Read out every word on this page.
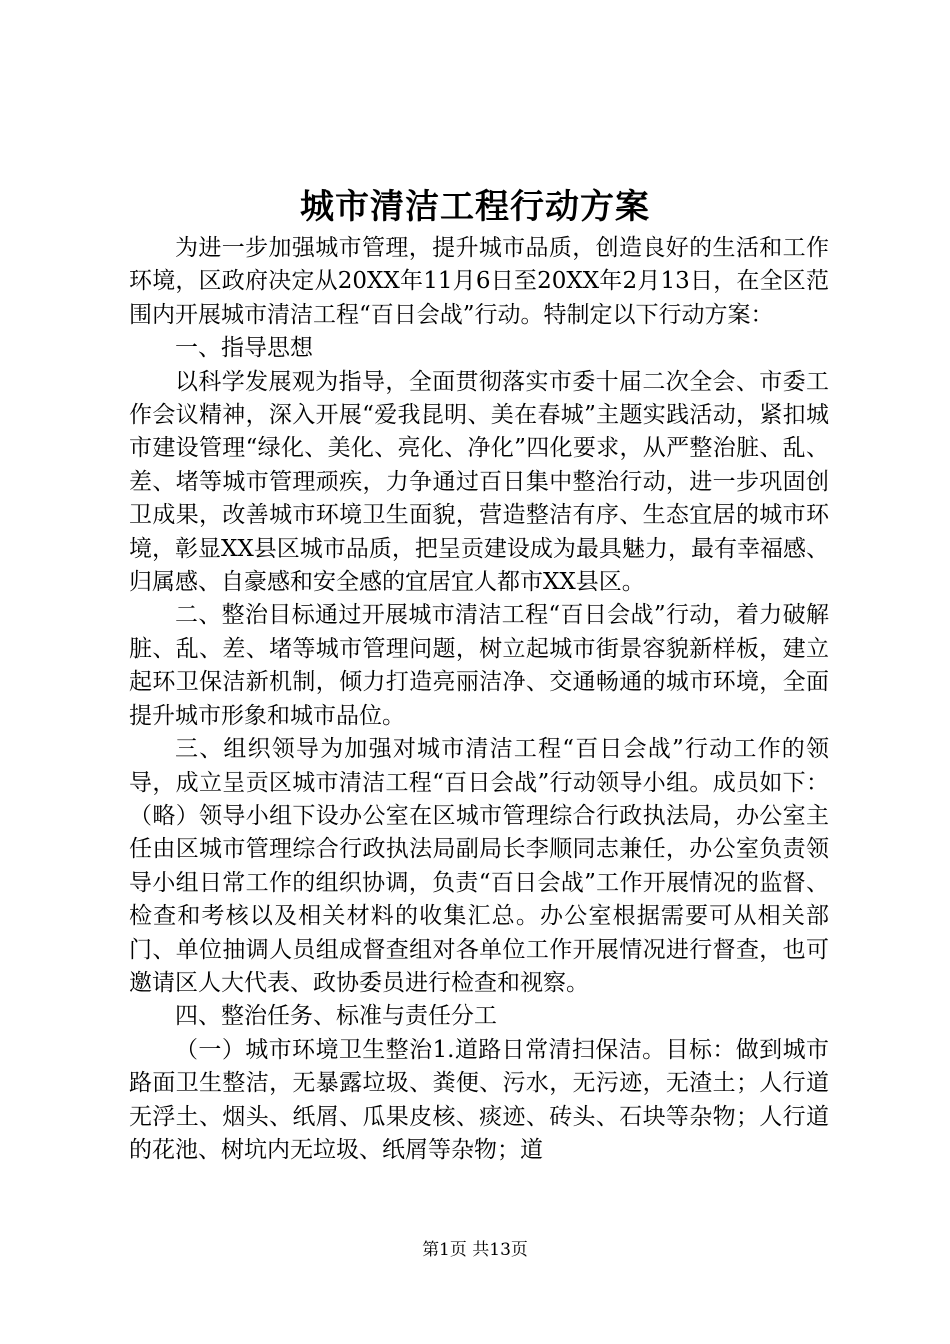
城市清洁工程行动方案

为进一步加强城市管理，提升城市品质，创造良好的生活和工作环境，区政府决定从20XX年11月6日至20XX年2月13日，在全区范围内开展城市清洁工程“百日会战”行动。特制定以下行动方案：

一、指导思想

以科学发展观为指导，全面贯彻落实市委十届二次全会、市委工作会议精神，深入开展“爱我昆明、美在春城”主题实践活动，紧扣城市建设管理“绿化、美化、亮化、净化”四化要求，从严整治脏、乱、差、堵等城市管理顽疾，力争通过百日集中整治行动，进一步巩固创卫成果，改善城市环境卫生面貌，营造整洁有序、生态宜居的城市环境，彰显XX县区城市品质，把呈贡建设成为最具魅力，最有幸福感、归属感、自豪感和安全感的宜居宜人都市XX县区。

二、整治目标通过开展城市清洁工程“百日会战”行动，着力破解脏、乱、差、堵等城市管理问题，树立起城市街景容貌新样板，建立起环卫保洁新机制，倾力打造亮丽洁净、交通畅通的城市环境，全面提升城市形象和城市品位。

三、组织领导为加强对城市清洁工程“百日会战”行动工作的领导，成立呈贡区城市清洁工程“百日会战”行动领导小组。成员如下：（略）领导小组下设办公室在区城市管理综合行政执法局，办公室主任由区城市管理综合行政执法局副局长李顺同志兼任，办公室负责领导小组日常工作的组织协调，负责“百日会战”工作开展情况的监督、检查和考核以及相关材料的收集汇总。办公室根据需要可从相关部门、单位抽调人员组成督查组对各单位工作开展情况进行督查，也可邀请区人大代表、政协委员进行检查和视察。

四、整治任务、标准与责任分工

（一）城市环境卫生整治1.道路日常清扫保洁。目标：做到城市路面卫生整洁，无暴露垃圾、粪便、污水，无污迹，无渣土；人行道无浮土、烟头、纸屑、瓜果皮核、痰迹、砖头、石块等杂物；人行道的花池、树坑内无垃圾、纸屑等杂物；道

第1页 共13页
